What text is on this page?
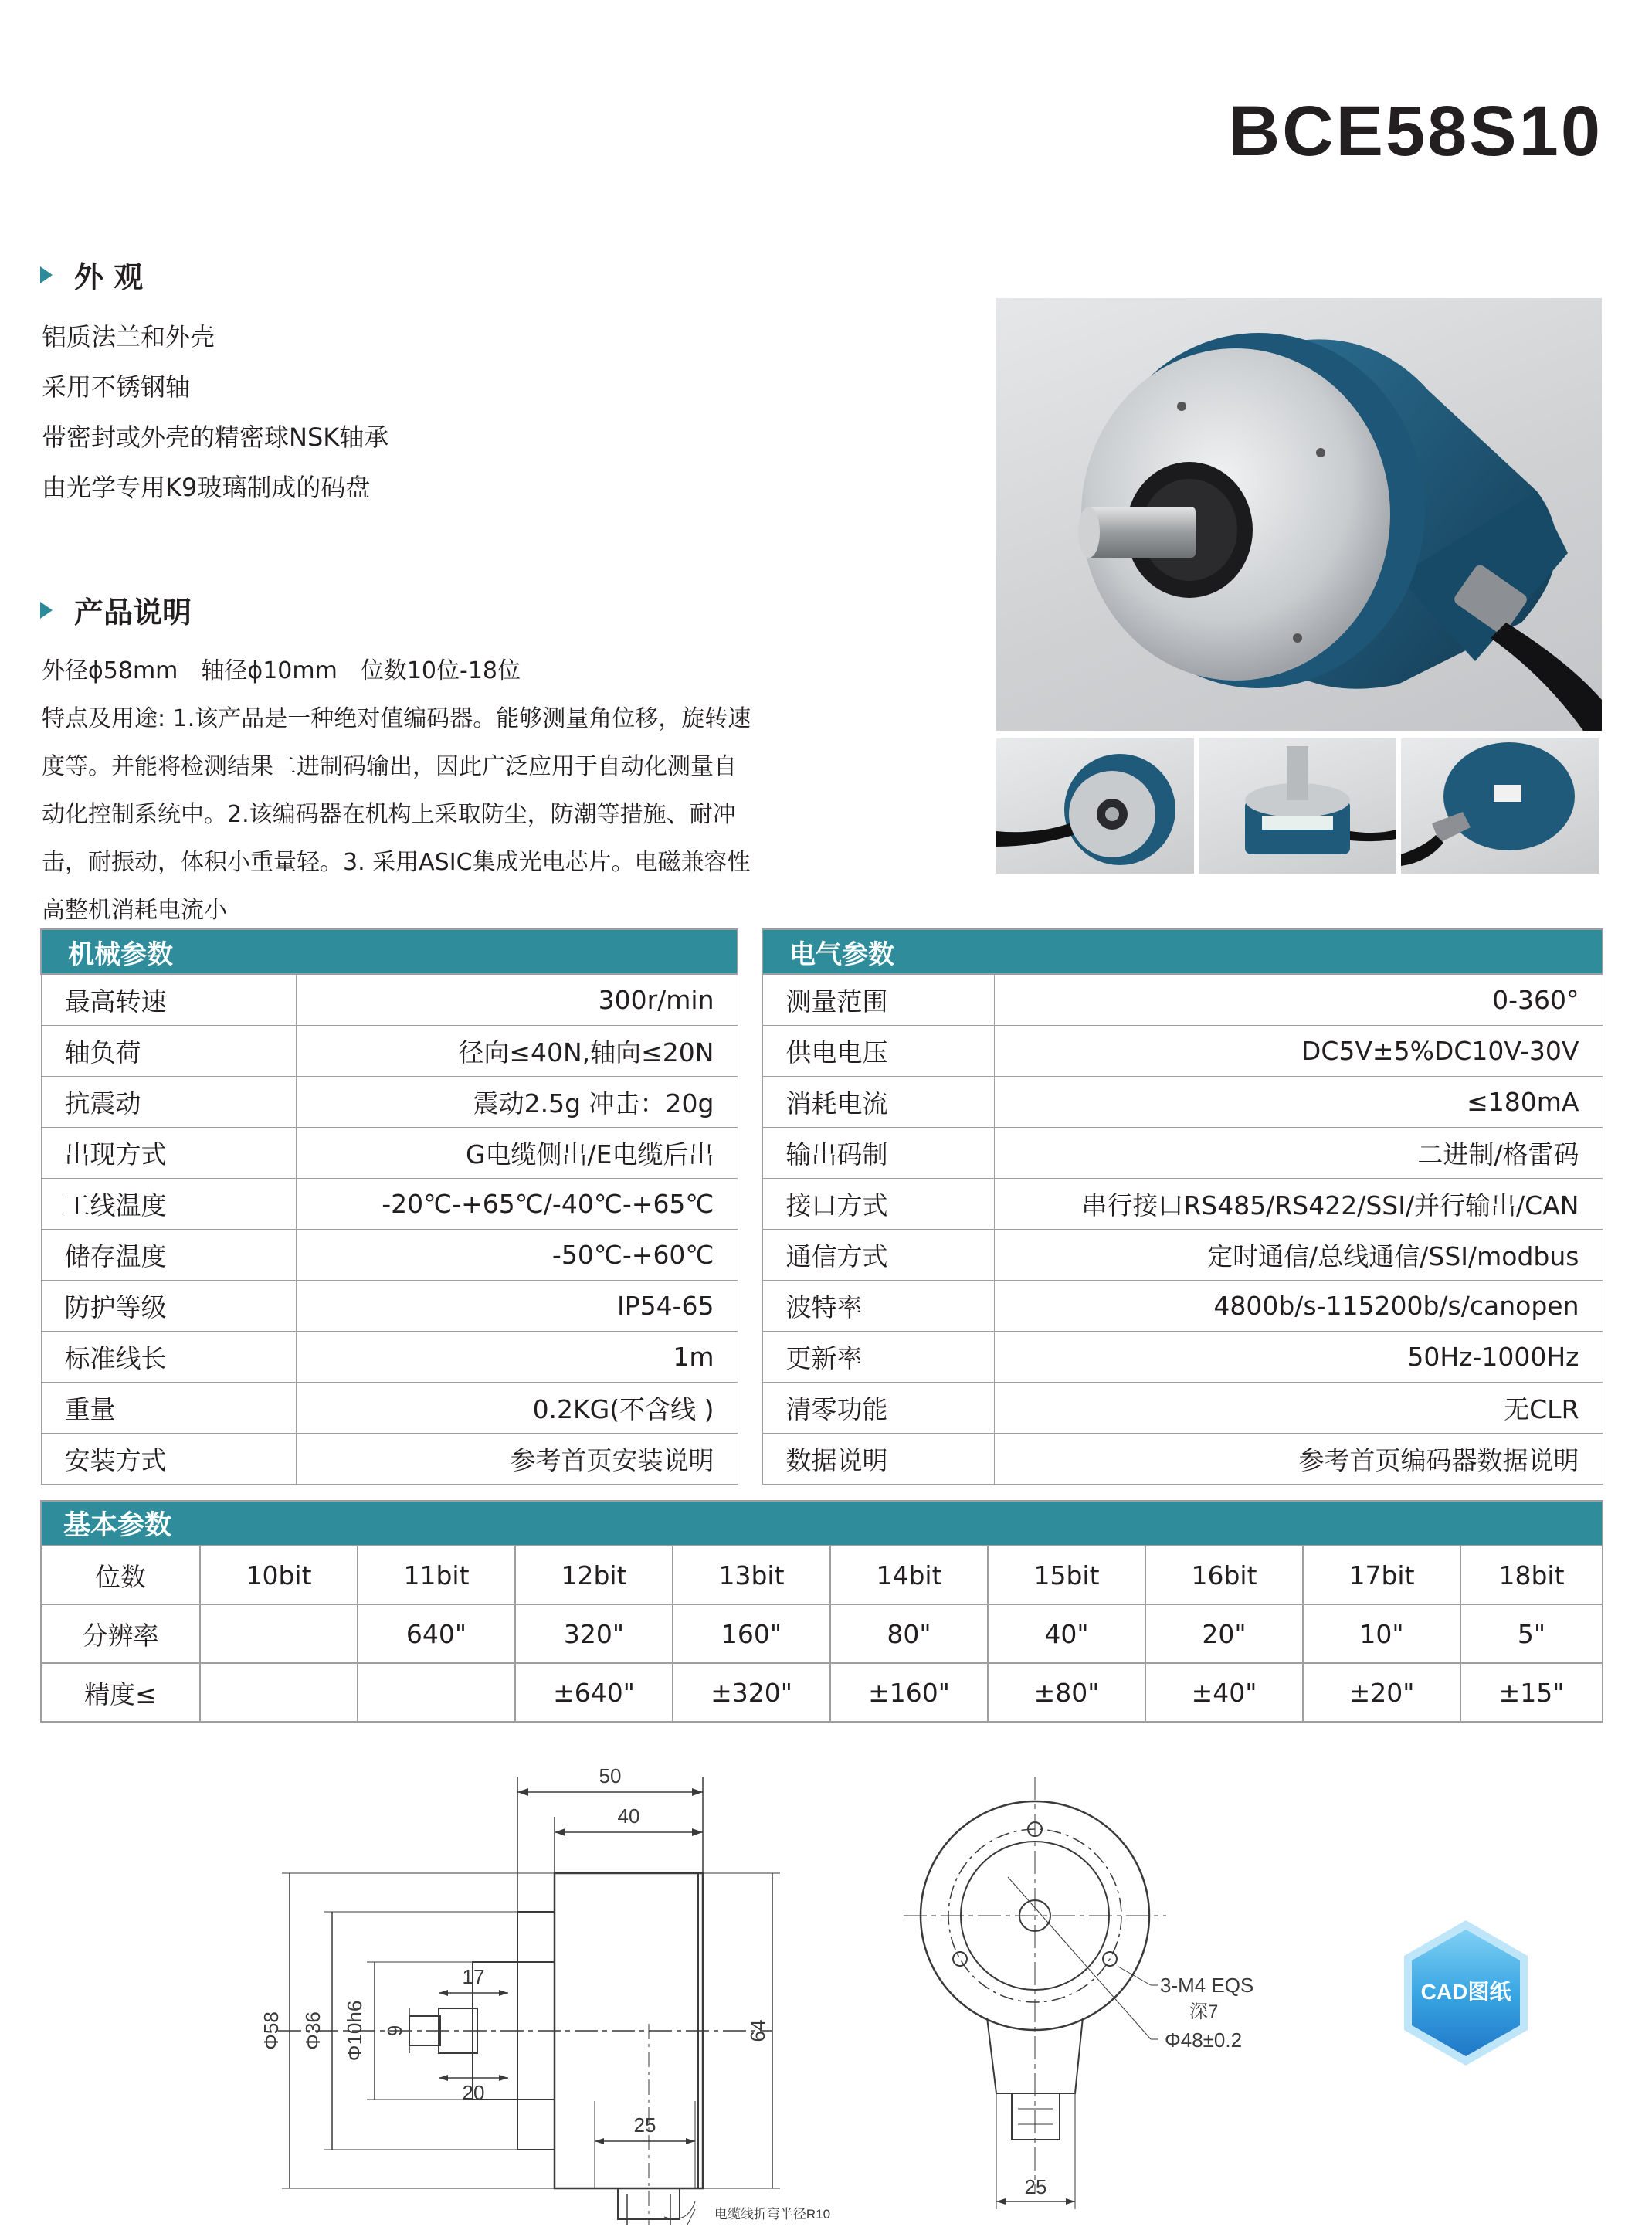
BCE58S10
外 观
铝质法兰和外壳
采用不锈钢轴
带密封或外壳的精密球NSK轴承
由光学专用K9玻璃制成的码盘
产品说明
外径ϕ58mm　轴径ϕ10mm　位数10位-18位
特点及用途: 1.该产品是一种绝对值编码器。能够测量角位移，旋转速
度等。并能将检测结果二进制码输出，因此广泛应用于自动化测量自
动化控制系统中。2.该编码器在机构上采取防尘，防潮等措施、耐冲
击，耐振动，体积小重量轻。3. 采用ASIC集成光电芯片。电磁兼容性
高整机消耗电流小
机械参数	
最高转速	300r/min
轴负荷	径向≤40N,轴向≤20N
抗震动	震动2.5g 冲击：20g
出现方式	G电缆侧出/E电缆后出
工线温度	-20℃-+65℃/-40℃-+65℃
储存温度	-50℃-+60℃
防护等级	IP54-65
标准线长	1m
重量	0.2KG(不含线 )
安装方式	参考首页安装说明
电气参数	
测量范围	0-360°
供电电压	DC5V±5%DC10V-30V
消耗电流	≤180mA
输出码制	二进制/格雷码
接口方式	串行接口RS485/RS422/SSI/并行输出/CAN
通信方式	定时通信/总线通信/SSI/modbus
波特率	4800b/s-115200b/s/canopen
更新率	50Hz-1000Hz
清零功能	无CLR
数据说明	参考首页编码器数据说明
基本参数									
位数	10bit	11bit	12bit	13bit	14bit	15bit	16bit	17bit	18bit
分辨率		640"	320"	160"	80"	40"	20"	10"	5"
精度≤			±640"	±320"	±160"	±80"	±40"	±20"	±15"
50
40
17
20
25
Φ58 Φ36 Φ10h6 9	64
电缆线折弯半径R10
3-M4 EQS
深7
Φ48±0.2
25
CAD图纸
